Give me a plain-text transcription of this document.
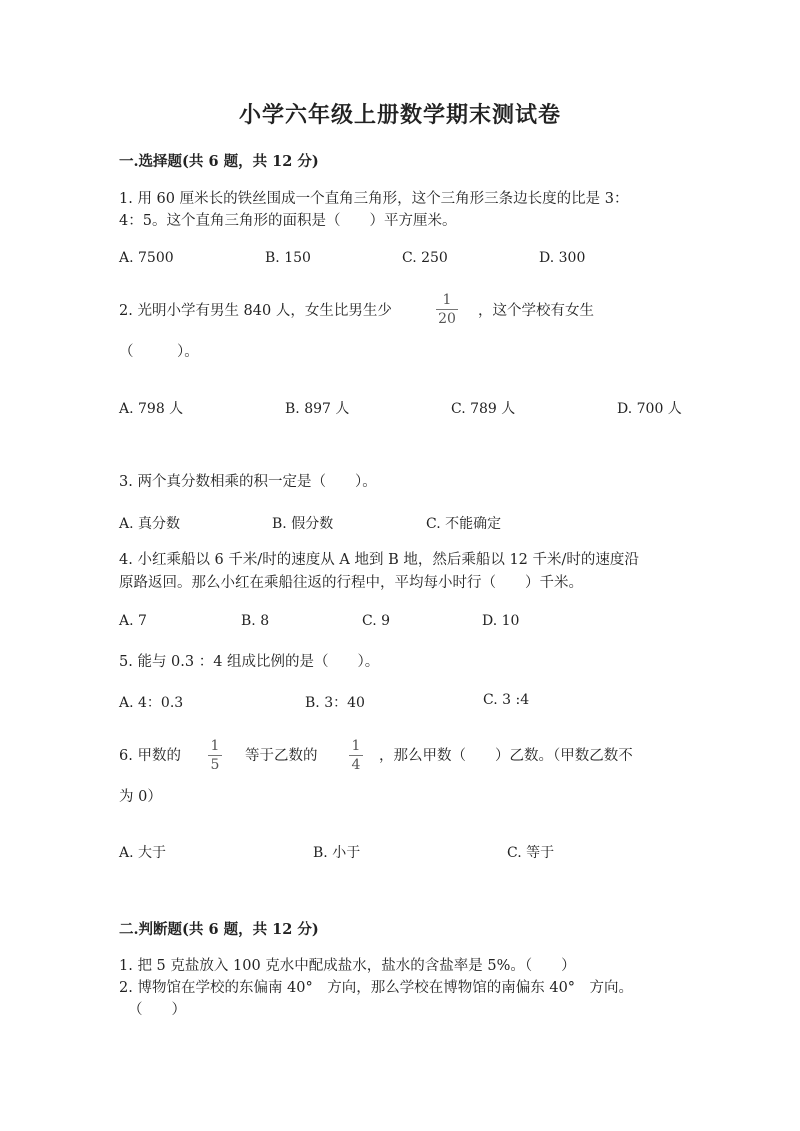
小学六年级上册数学期末测试卷
一.选择题(共 6 题，共 12 分)
1. 用 60 厘米长的铁丝围成一个直角三角形，这个三角形三条边长度的比是 3：
4：5。这个直角三角形的面积是（　　）平方厘米。
A. 7500	B. 150	C. 250	D. 300
2. 光明小学有男生 840 人，女生比男生少
1
20 ，这个学校有女生
（　　　）。
A. 798 人	B. 897 人	C. 789 人	D. 700 人
3. 两个真分数相乘的积一定是（　　）。
A. 真分数	B. 假分数	C. 不能确定
4. 小红乘船以 6 千米/时的速度从 A 地到 B 地，然后乘船以 12 千米/时的速度沿
原路返回。那么小红在乘船往返的行程中，平均每小时行（　　）千米。
A. 7	B. 8	C. 9	D. 10
5. 能与 0.3 ：4 组成比例的是（　　）。
A. 4：0.3	B. 3：40	C. 3 :4
6. 甲数的
1
5
等于乙数的
1
4
，那么甲数（　　）乙数。（甲数乙数不
为 0）
A. 大于	B. 小于	C. 等于
二.判断题(共 6 题，共 12 分)
1. 把 5 克盐放入 100 克水中配成盐水，盐水的含盐率是 5%。（　　）
2. 博物馆在学校的东偏南 40°　方向，那么学校在博物馆的南偏东 40°　方向。
（　　）
